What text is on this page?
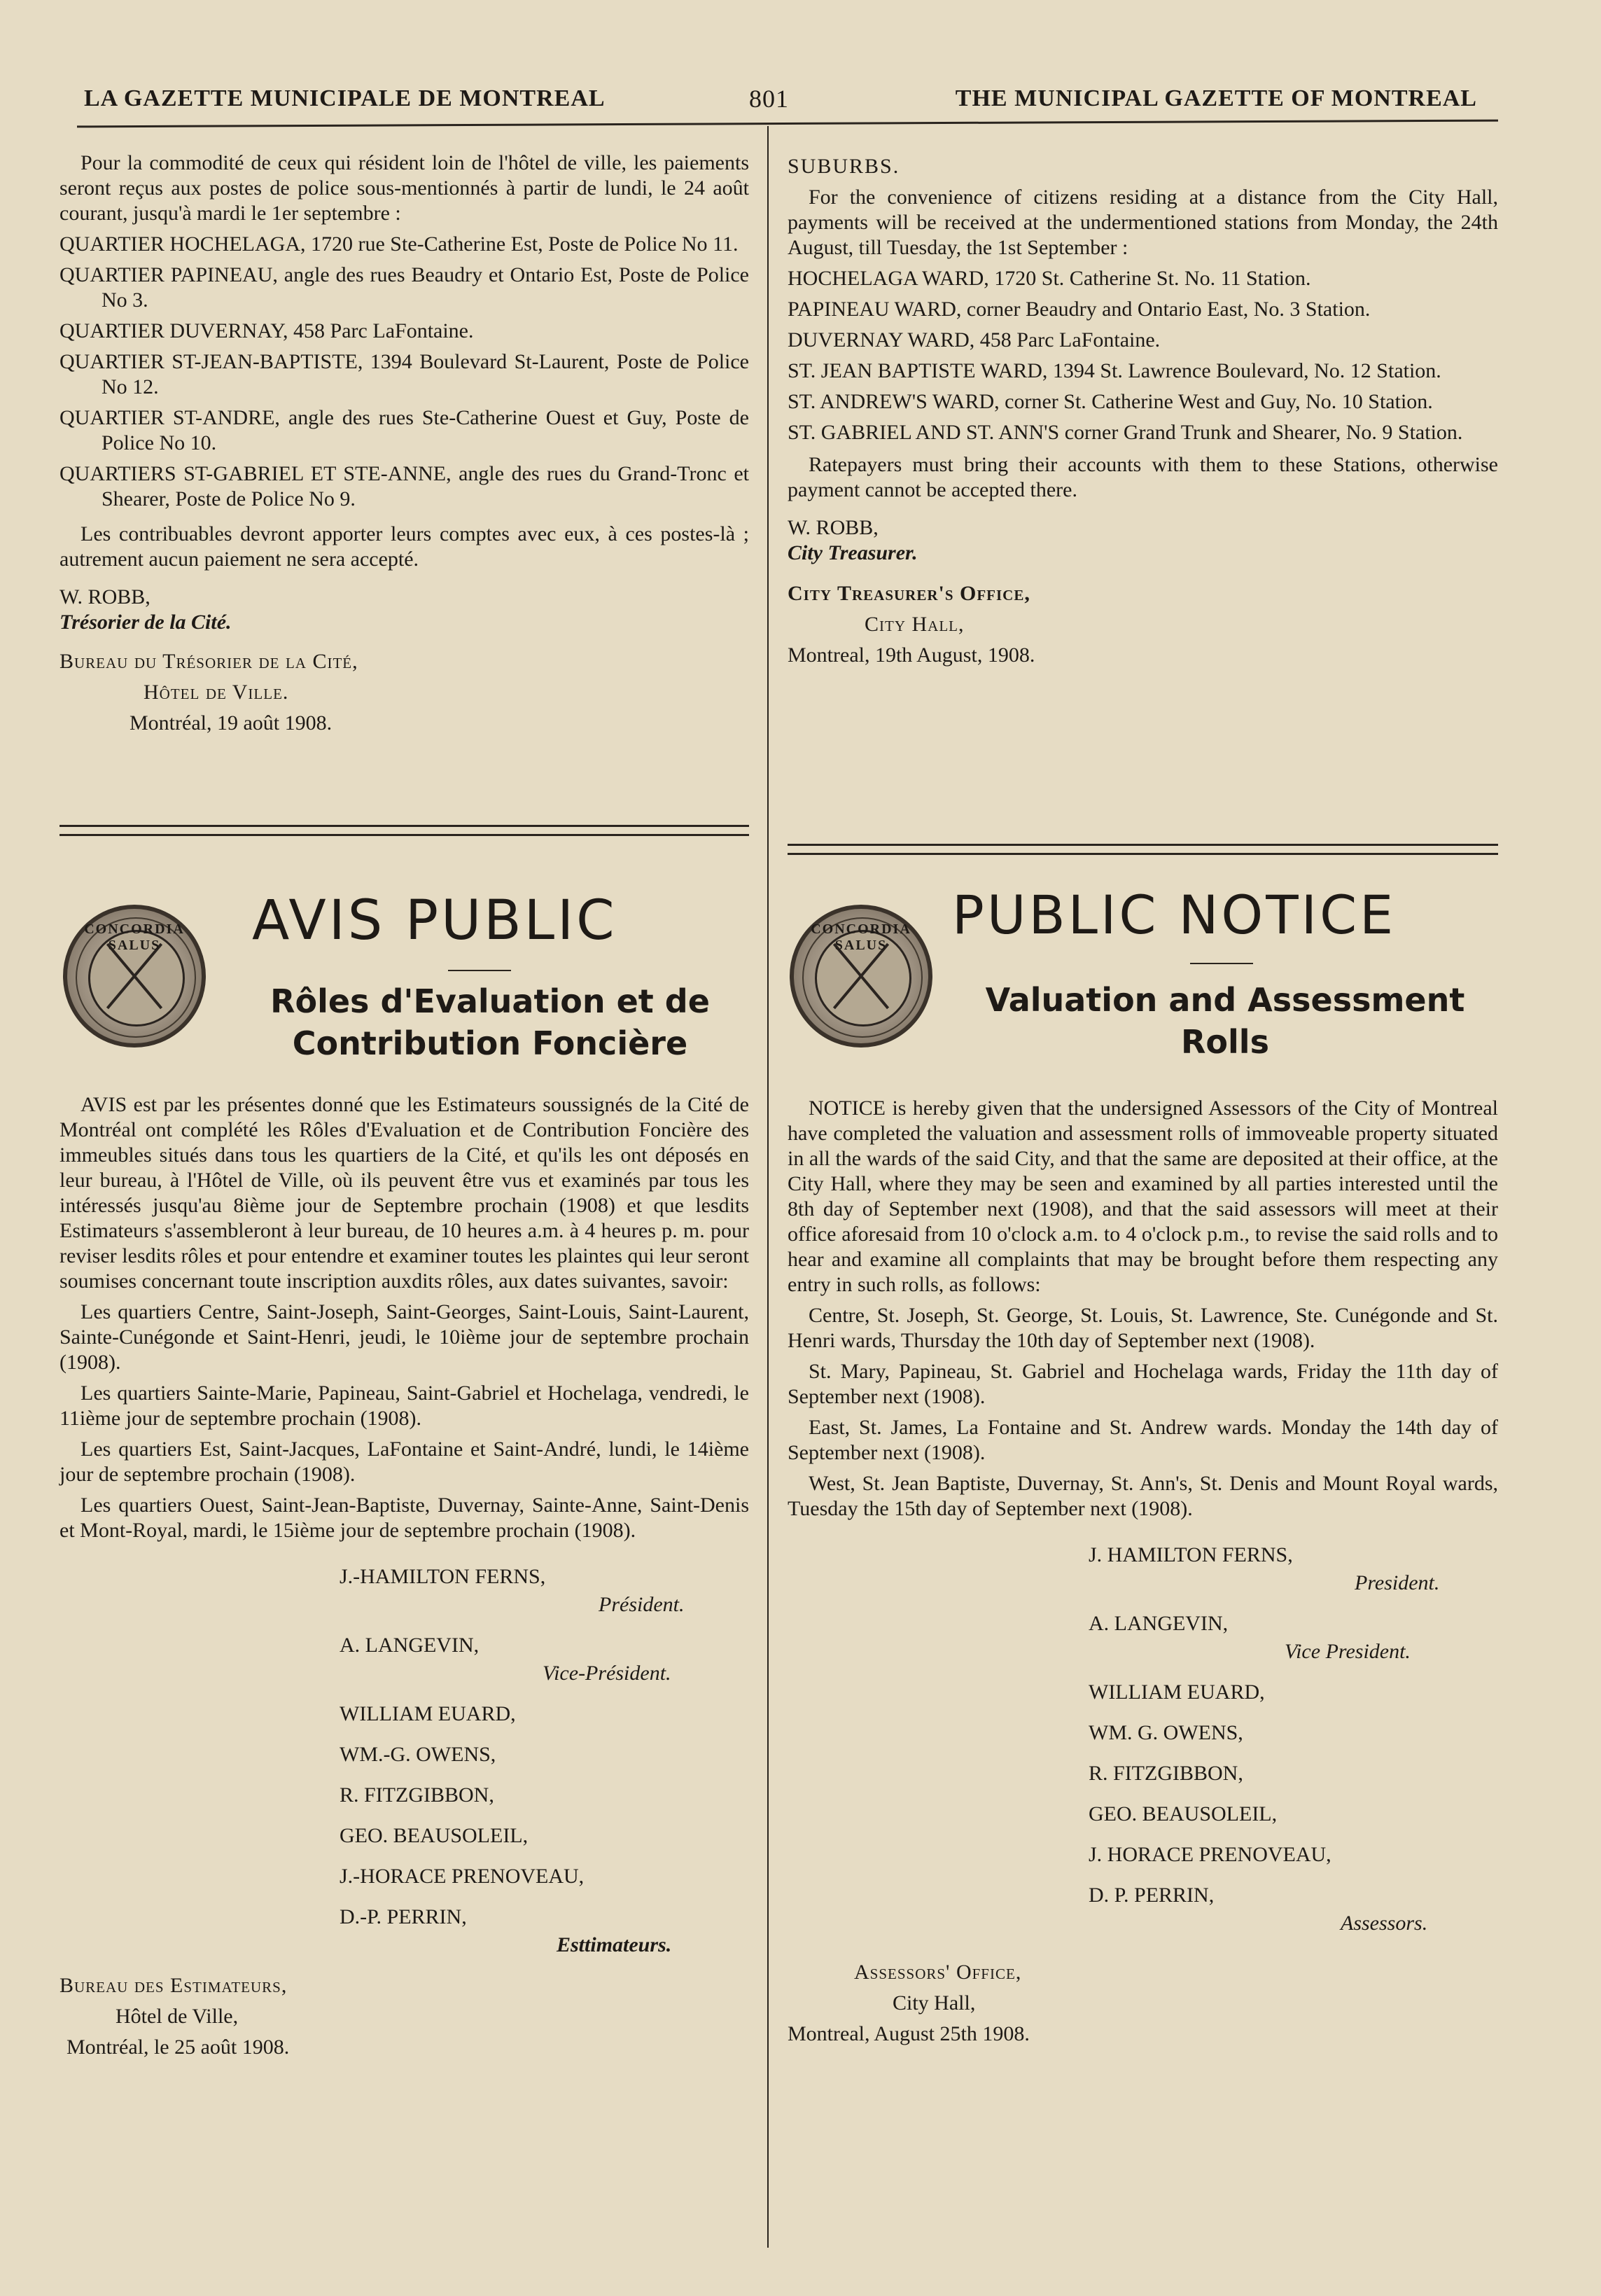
LA GAZETTE MUNICIPALE DE MONTREAL	801	THE MUNICIPAL GAZETTE OF MONTREAL

Pour la commodité de ceux qui résident loin de l'hôtel de ville, les paiements seront reçus aux postes de police sous-mentionnés à partir de lundi, le 24 août courant, jusqu'à mardi le 1er septembre :

QUARTIER HOCHELAGA, 1720 rue Ste-Catherine Est, Poste de Police No 11.

QUARTIER PAPINEAU, angle des rues Beaudry et Ontario Est, Poste de Police No 3.

QUARTIER DUVERNAY, 458 Parc LaFontaine.

QUARTIER ST-JEAN-BAPTISTE, 1394 Boulevard St-Laurent, Poste de Police No 12.

QUARTIER ST-ANDRE, angle des rues Ste-Catherine Ouest et Guy, Poste de Police No 10.

QUARTIERS ST-GABRIEL ET STE-ANNE, angle des rues du Grand-Tronc et Shearer, Poste de Police No 9.

Les contribuables devront apporter leurs comptes avec eux, à ces postes-là ; autrement aucun paiement ne sera accepté.

W. ROBB,

Trésorier de la Cité.

Bureau du Trésorier de la Cité,

Hôtel de Ville.

Montréal, 19 août 1908.

SUBURBS.

For the convenience of citizens residing at a distance from the City Hall, payments will be received at the undermentioned stations from Monday, the 24th August, till Tuesday, the 1st September :

HOCHELAGA WARD, 1720 St. Catherine St. No. 11 Station.

PAPINEAU WARD, corner Beaudry and Ontario East, No. 3 Station.

DUVERNAY WARD, 458 Parc LaFontaine.

ST. JEAN BAPTISTE WARD, 1394 St. Lawrence Boulevard, No. 12 Station.

ST. ANDREW'S WARD, corner St. Catherine West and Guy, No. 10 Station.

ST. GABRIEL AND ST. ANN'S corner Grand Trunk and Shearer, No. 9 Station.

Ratepayers must bring their accounts with them to these Stations, otherwise payment cannot be accepted there.

W. ROBB,

City Treasurer.

City Treasurer's Office,

City Hall,

Montreal, 19th August, 1908.

CONCORDIA SALUS	AVIS PUBLIC
Rôles d'Evaluation et de
Contribution Foncière

AVIS est par les présentes donné que les Estimateurs soussignés de la Cité de Montréal ont complété les Rôles d'Evaluation et de Contribution Foncière des immeubles situés dans tous les quartiers de la Cité, et qu'ils les ont déposés en leur bureau, à l'Hôtel de Ville, où ils peuvent être vus et examinés par tous les intéressés jusqu'au 8ième jour de Septembre prochain (1908) et que lesdits Estimateurs s'assembleront à leur bureau, de 10 heures a.m. à 4 heures p. m. pour reviser lesdits rôles et pour entendre et examiner toutes les plaintes qui leur seront soumises concernant toute inscription auxdits rôles, aux dates suivantes, savoir:

Les quartiers Centre, Saint-Joseph, Saint-Georges, Saint-Louis, Saint-Laurent, Sainte-Cunégonde et Saint-Henri, jeudi, le 10ième jour de septembre prochain (1908).

Les quartiers Sainte-Marie, Papineau, Saint-Gabriel et Hochelaga, vendredi, le 11ième jour de septembre prochain (1908).

Les quartiers Est, Saint-Jacques, LaFontaine et Saint-André, lundi, le 14ième jour de septembre prochain (1908).

Les quartiers Ouest, Saint-Jean-Baptiste, Duvernay, Sainte-Anne, Saint-Denis et Mont-Royal, mardi, le 15ième jour de septembre prochain (1908).

J.-HAMILTON FERNS,
Président.
A. LANGEVIN,
Vice-Président.
WILLIAM EUARD,
WM.-G. OWENS,
R. FITZGIBBON,
GEO. BEAUSOLEIL,
J.-HORACE PRENOVEAU,
D.-P. PERRIN,
Esttimateurs.

Bureau des Estimateurs,

Hôtel de Ville,

Montréal, le 25 août 1908.

CONCORDIA SALUS	PUBLIC NOTICE
Valuation and Assessment
Rolls

NOTICE is hereby given that the undersigned Assessors of the City of Montreal have completed the valuation and assessment rolls of immoveable property situated in all the wards of the said City, and that the same are deposited at their office, at the City Hall, where they may be seen and examined by all parties interested until the 8th day of September next (1908), and that the said assessors will meet at their office aforesaid from 10 o'clock a.m. to 4 o'clock p.m., to revise the said rolls and to hear and examine all complaints that may be brought before them respecting any entry in such rolls, as follows:

Centre, St. Joseph, St. George, St. Louis, St. Lawrence, Ste. Cunégonde and St. Henri wards, Thursday the 10th day of September next (1908).

St. Mary, Papineau, St. Gabriel and Hochelaga wards, Friday the 11th day of September next (1908).

East, St. James, La Fontaine and St. Andrew wards. Monday the 14th day of September next (1908).

West, St. Jean Baptiste, Duvernay, St. Ann's, St. Denis and Mount Royal wards, Tuesday the 15th day of September next (1908).

J. HAMILTON FERNS,
President.
A. LANGEVIN,
Vice President.
WILLIAM EUARD,
WM. G. OWENS,
R. FITZGIBBON,
GEO. BEAUSOLEIL,
J. HORACE PRENOVEAU,
D. P. PERRIN,
Assessors.

Assessors' Office,

City Hall,

Montreal, August 25th 1908.
